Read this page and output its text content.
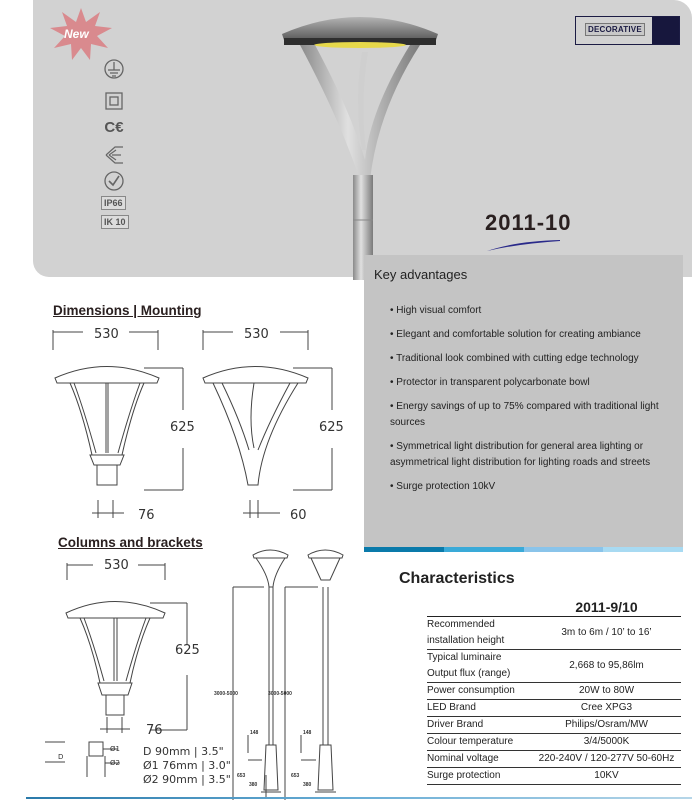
New
C€
IP66
IK 10
DECORATIVE
2011-10
Key advantages
• High visual comfort
• Elegant and comfortable solution for creating ambiance
• Traditional look combined with cutting edge technology
• Protector in transparent polycarbonate bowl
• Energy savings of up to 75% compared with traditional light sources
• Symmetrical light distribution for general area lighting or asymmetrical light distribution for lighting roads and streets
• Surge protection 10kV
Dimensions | Mounting
530	530
625	625
76	60
Columns and brackets
530
625
76
D
Ø1
Ø2
D 90mm | 3.5"
Ø1 76mm | 3.0"
Ø2 90mm | 3.5"
3000-5000	3000-5000
148	148
653	653
380	380
Characteristics
	2011-9/10
Recommended installation height	3m to 6m / 10’ to 16’
Typical luminaire Output flux (range)	2,668 to 95,86lm
Power consumption	20W to 80W
LED Brand	Cree XPG3
Driver Brand	Philips/Osram/MW
Colour temperature	3/4/5000K
Nominal voltage	220-240V / 120-277V 50-60Hz
Surge protection	10KV
